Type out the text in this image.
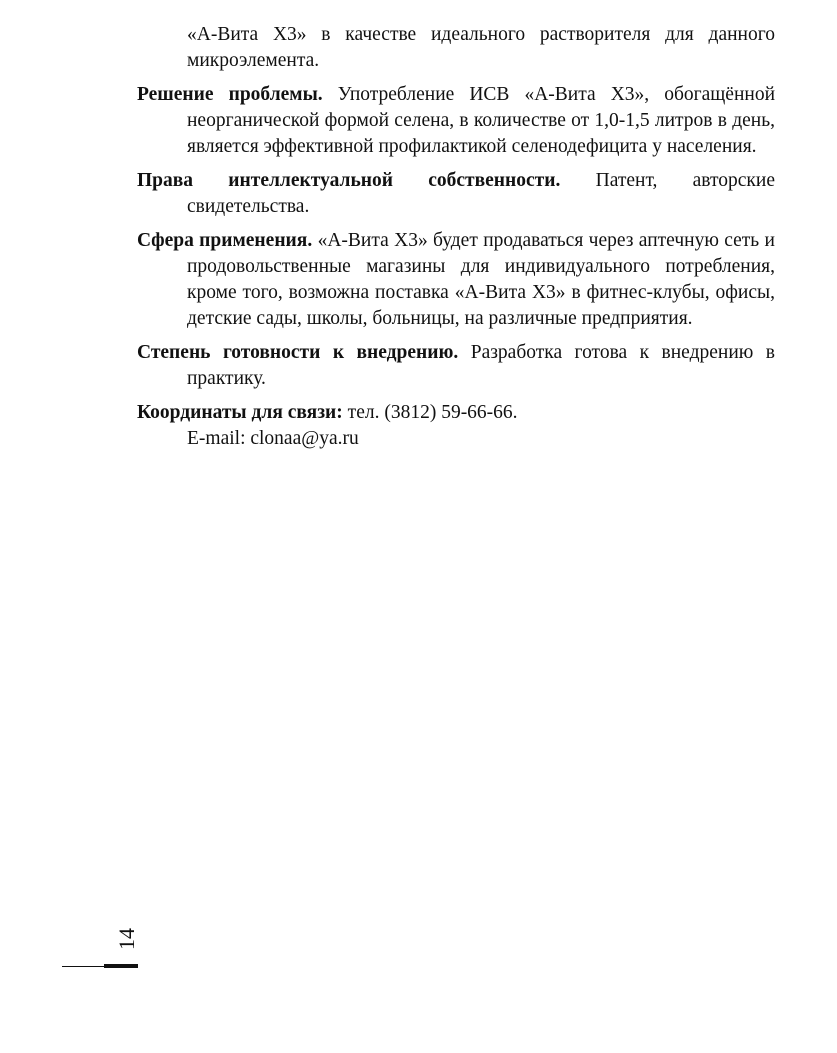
«А-Вита Х3» в качестве идеального растворителя для данного микроэлемента.

Решение проблемы. Употребление ИСВ «А-Вита Х3», обогащённой неорганической формой селена, в количестве от 1,0-1,5 литров в день, является эффективной профилактикой селенодефицита у населения.

Права интеллектуальной собственности. Патент, авторские свидетельства.

Сфера применения. «А-Вита Х3» будет продаваться через аптечную сеть и продовольственные магазины для индивидуального потребления, кроме того, возможна поставка «А-Вита Х3» в фитнес-клубы, офисы, детские сады, школы, больницы, на различные предприятия.

Степень готовности к внедрению. Разработка готова к внедрению в практику.

Координаты для связи: тел. (3812) 59-66-66.

E-mail: clonaa@ya.ru

14
